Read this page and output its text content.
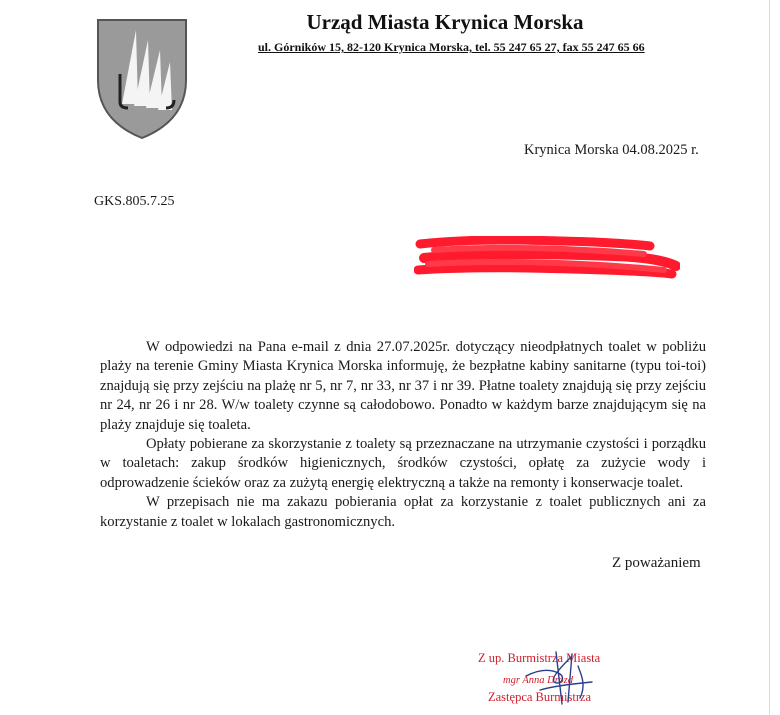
Urząd Miasta Krynica Morska
ul. Górników 15, 82-120 Krynica Morska, tel. 55 247 65 27, fax 55 247 65 66
Krynica Morska 04.08.2025 r.
GKS.805.7.25

W odpowiedzi na Pana e-mail z dnia 27.07.2025r. dotyczący nieodpłatnych toalet w pobliżu plaży na terenie Gminy Miasta Krynica Morska informuję, że bezpłatne kabiny sanitarne (typu toi-toi) znajdują się przy zejściu na plażę nr 5, nr 7, nr 33, nr 37 i nr 39. Płatne toalety znajdują się przy zejściu nr 24, nr 26 i nr 28. W/w toalety czynne są całodobowo. Ponadto w każdym barze znajdującym się na plaży znajduje się toaleta.

Opłaty pobierane za skorzystanie z toalety są przeznaczane na utrzymanie czystości i porządku w toaletach: zakup środków higienicznych, środków czystości, opłatę za zużycie wody i odprowadzenie ścieków oraz za zużytą energię elektryczną a także na remonty i konserwacje toalet.

W przepisach nie ma zakazu pobierania opłat za korzystanie z toalet publicznych ani za korzystanie z toalet w lokalach gastronomicznych.

Z poważaniem
Z up. Burmistrza Miasta
mgr Anna Drozd
Zastępca Burmistrza
